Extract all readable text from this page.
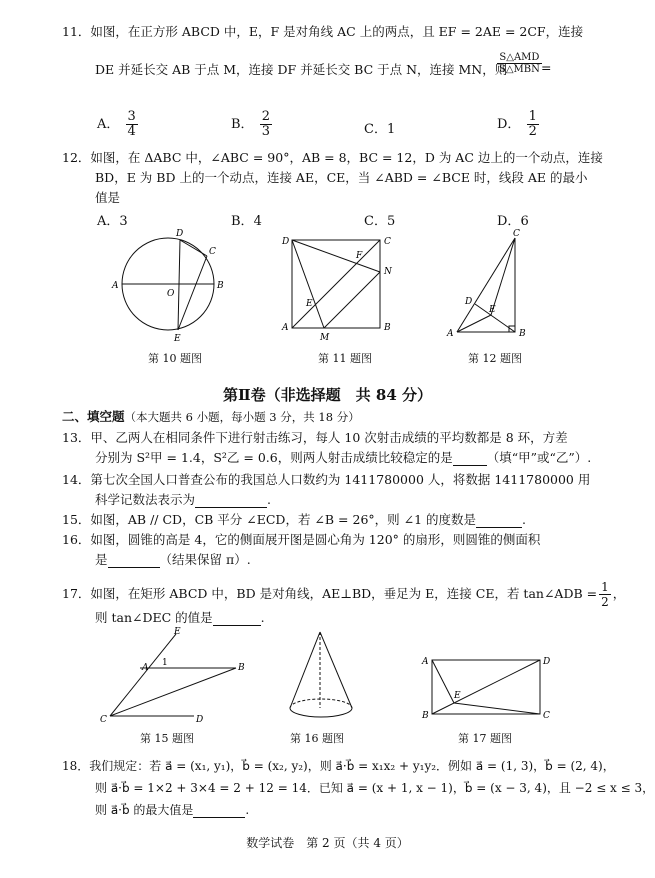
11．如图，在正方形 ABCD 中，E，F 是对角线 AC 上的两点，且 EF = 2AE = 2CF，连接
DE 并延长交 AB 于点 M，连接 DF 并延长交 BC 于点 N，连接 MN，则
S△AMD
S△MBN =
A． $\frac{3}{4}$	B． $\frac{2}{3}$	C．1	D． $\frac{1}{2}$
12．如图，在 ΔABC 中，∠ABC = 90°，AB = 8，BC = 12，D 为 AC 边上的一个动点，连接
BD，E 为 BD 上的一个动点，连接 AE，CE，当 ∠ABD = ∠BCE 时，线段 AE 的最小
值是
A．3	B．4	C．5	D．6
D
C
A
O
B
E
第 10 题图
D	C
F
N
E
A
M
B
第 11 题图
C
D
E
A	B
第 12 题图
第Ⅱ卷（非选择题　共 84 分）
二、填空题（本大题共 6 小题，每小题 3 分，共 18 分）
13．甲、乙两人在相同条件下进行射击练习，每人 10 次射击成绩的平均数都是 8 环，方差
分别为 S²甲 = 1.4，S²乙 = 0.6，则两人射击成绩比较稳定的是	（填“甲”或“乙”）.
14．第七次全国人口普查公布的我国总人口数约为 1411780000 人，将数据 1411780000 用
科学记数法表示为	.
15．如图，AB // CD，CB 平分 ∠ECD，若 ∠B = 26°，则 ∠1 的度数是	.
16．如图，圆锥的高是 4，它的侧面展开图是圆心角为 120° 的扇形，则圆锥的侧面积
是	（结果保留 π）.
17．如图，在矩形 ABCD 中，BD 是对角线，AE⊥BD，垂足为 E，连接 CE，若 tan∠ADB = $\frac{1}{2}$ ，
则 tan∠DEC 的值是	.
E
A 1	B
C	D
第 15 题图	第 16 题图
A	D
E
B	C
第 17 题图
18．我们规定：若 a⃗ = (x₁, y₁)，b⃗ = (x₂, y₂)，则 a⃗·b⃗ = x₁x₂ + y₁y₂．例如 a⃗ = (1, 3)，b⃗ = (2, 4)，
则 a⃗·b⃗ = 1×2 + 3×4 = 2 + 12 = 14．已知 a⃗ = (x + 1, x − 1)，b⃗ = (x − 3, 4)，且 −2 ≤ x ≤ 3，
则 a⃗·b⃗ 的最大值是	.
数学试卷　第 2 页（共 4 页）
